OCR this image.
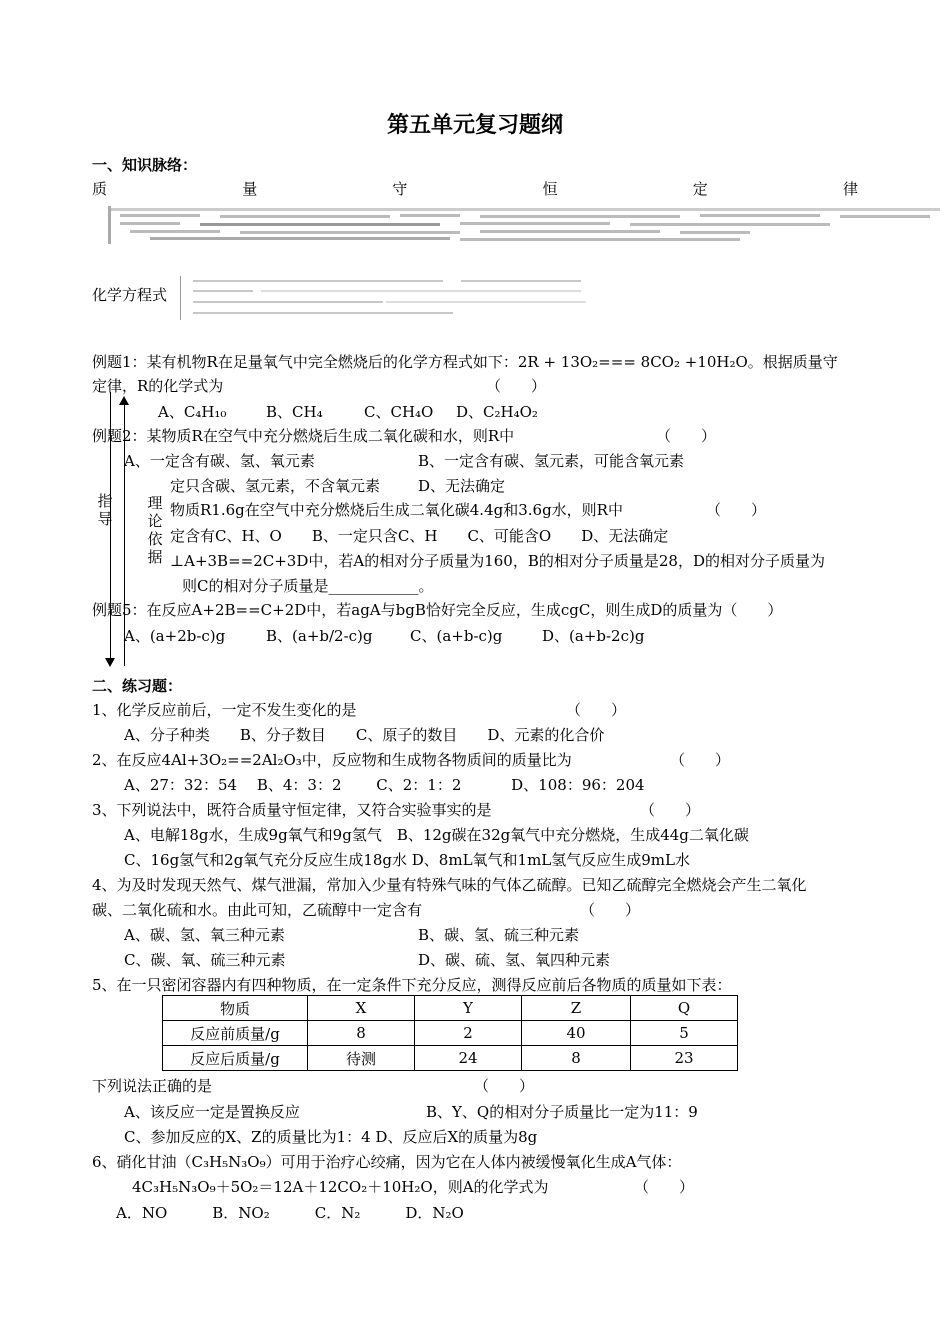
第五单元复习题纲
一、知识脉络：
质	量	守	恒	定	律
化学方程式
例题1：某有机物R在足量氧气中完全燃烧后的化学方程式如下：2R + 13O₂=== 8CO₂ +10H₂O。根据质量守
定律，R的化学式为	（　　）
A、C₄H₁₀	B、CH₄	C、CH₄O D、C₂H₄O₂
例题2：某物质R在空气中充分燃烧后生成二氧化碳和水，则R中	（　　）
A、一定含有碳、氢、氧元素	B、一定含有碳、氢元素，可能含氧元素
定只含碳、氢元素，不含氧元素	D、无法确定
物质R1.6g在空气中充分燃烧后生成二氧化碳4.4g和3.6g水，则R中	（　　）
定含有C、H、O　　B、一定只含C、H　　C、可能含O　　D、无法确定
⊥A+3B==2C+3D中，若A的相对分子质量为160，B的相对分子质量是28，D的相对分子质量为
则C的相对分子质量是____________。
指导
理论依据
例题5：在反应A+2B==C+2D中，若agA与bgB恰好完全反应，生成cgC，则生成D的质量为（　　）
A、(a+2b-c)g	B、(a+b/2-c)g C、(a+b-c)g	D、(a+b-2c)g
二、练习题：
1、化学反应前后，一定不发生变化的是	（　　）
A、分子种类　　B、分子数目　　C、原子的数目　　D、元素的化合价
2、在反应4Al+3O₂==2Al₂O₃中，反应物和生成物各物质间的质量比为	（　　）
A、27：32：54　 B、4：3：2　　 C、2：1：2　　　 D、108：96：204
3、下列说法中，既符合质量守恒定律，又符合实验事实的是	（　　）
A、电解18g水，生成9g氧气和9g氢气　B、12g碳在32g氧气中充分燃烧，生成44g二氧化碳
C、16g氢气和2g氧气充分反应生成18g水 D、8mL氧气和1mL氢气反应生成9mL水
4、为及时发现天然气、煤气泄漏，常加入少量有特殊气味的气体乙硫醇。已知乙硫醇完全燃烧会产生二氧化
碳、二氧化硫和水。由此可知，乙硫醇中一定含有	（　　）
A、碳、氢、氧三种元素	B、碳、氢、硫三种元素
C、碳、氧、硫三种元素	D、碳、硫、氢、氧四种元素
5、在一只密闭容器内有四种物质，在一定条件下充分反应，测得反应前后各物质的质量如下表：
物质	X	Y	Z	Q
反应前质量/g	8	2	40	5
反应后质量/g	待测	24	8	23
下列说法正确的是	（　　）
A、该反应一定是置换反应	B、Y、Q的相对分子质量比一定为11：9
C、参加反应的X、Z的质量比为1：4 D、反应后X的质量为8g
6、硝化甘油（C₃H₅N₃O₉）可用于治疗心绞痛，因为它在人体内被缓慢氧化生成A气体：
4C₃H₅N₃O₉＋5O₂＝12A＋12CO₂＋10H₂O，则A的化学式为	（　　）
A．NO　　　B．NO₂　　　C．N₂　　　D．N₂O
